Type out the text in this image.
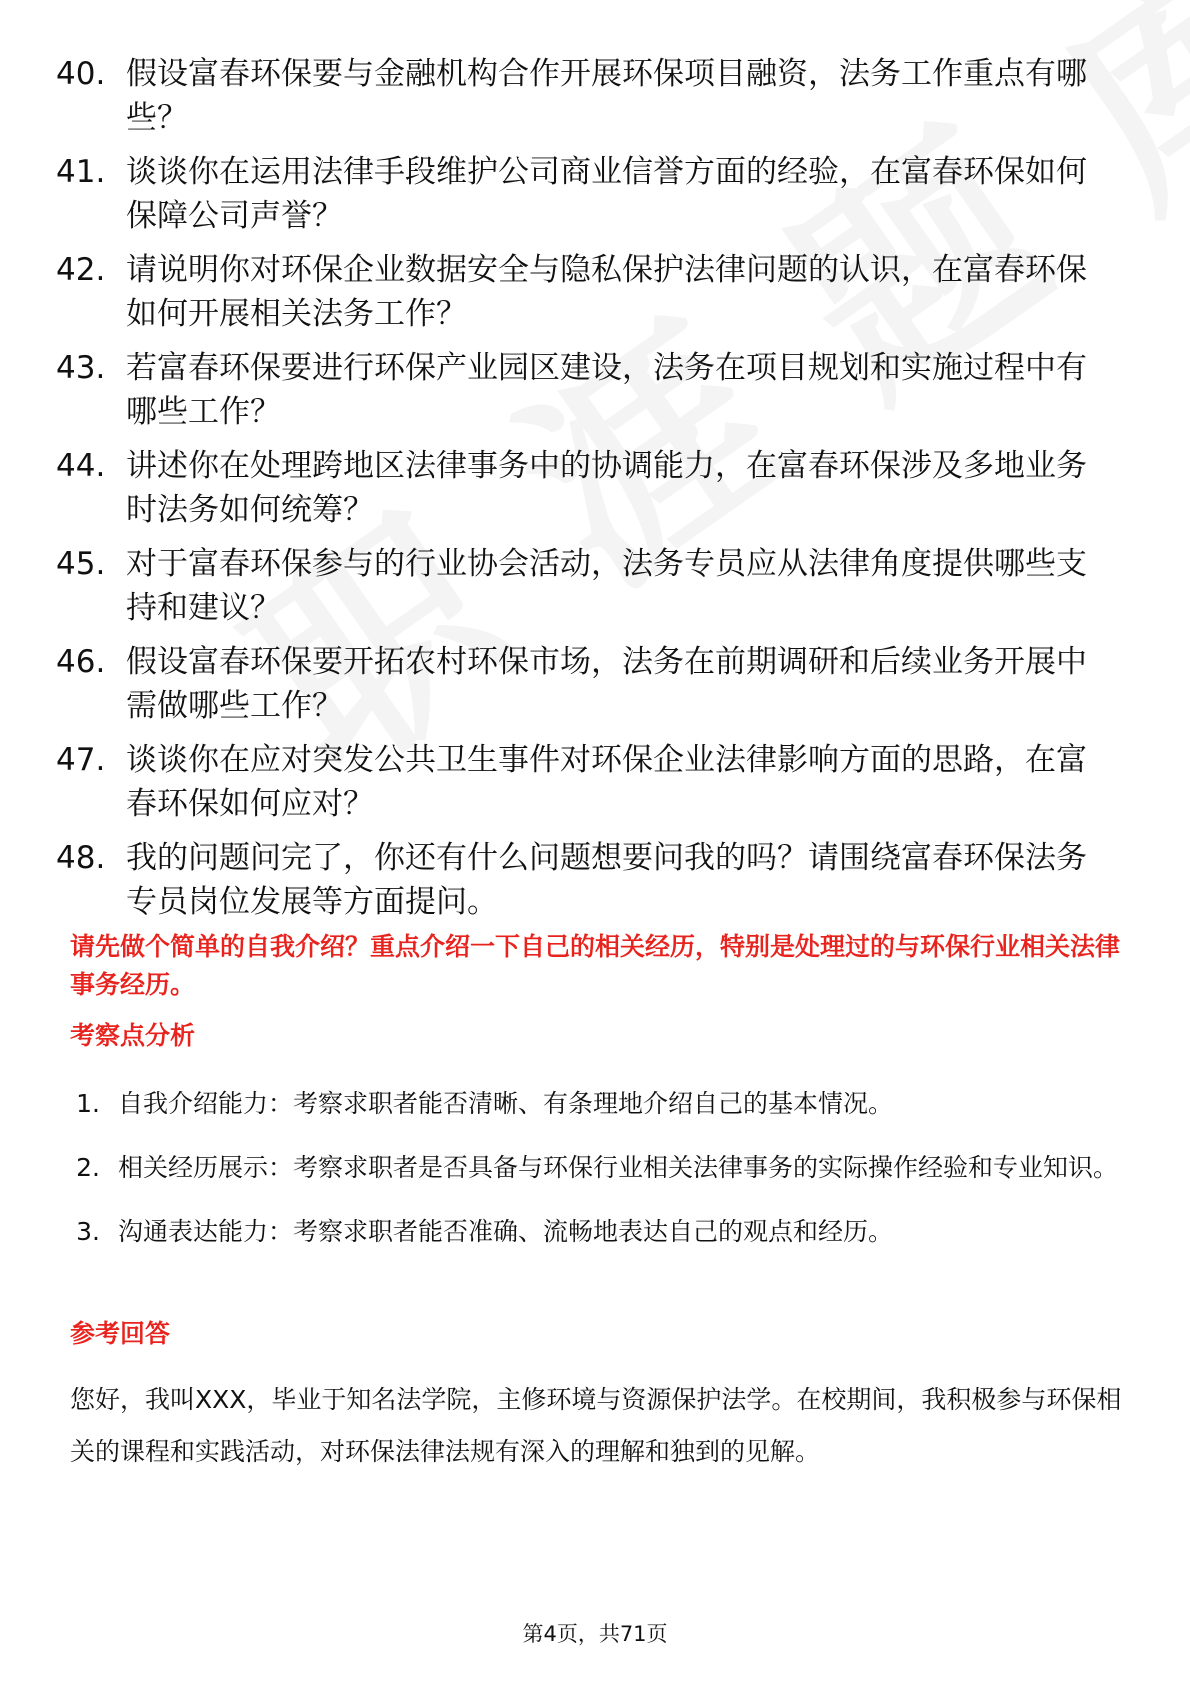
40. 假设富春环保要与金融机构合作开展环保项目融资，法务工作重点有哪些？
41. 谈谈你在运用法律手段维护公司商业信誉方面的经验，在富春环保如何保障公司声誉？
42. 请说明你对环保企业数据安全与隐私保护法律问题的认识，在富春环保如何开展相关法务工作？
43. 若富春环保要进行环保产业园区建设，法务在项目规划和实施过程中有哪些工作？
44. 讲述你在处理跨地区法律事务中的协调能力，在富春环保涉及多地业务时法务如何统筹？
45. 对于富春环保参与的行业协会活动，法务专员应从法律角度提供哪些支持和建议？
46. 假设富春环保要开拓农村环保市场，法务在前期调研和后续业务开展中需做哪些工作？
47. 谈谈你在应对突发公共卫生事件对环保企业法律影响方面的思路，在富春环保如何应对？
48. 我的问题问完了，你还有什么问题想要问我的吗？请围绕富春环保法务专员岗位发展等方面提问。
请先做个简单的自我介绍？重点介绍一下自己的相关经历，特别是处理过的与环保行业相关法律事务经历。
考察点分析
1. 自我介绍能力：考察求职者能否清晰、有条理地介绍自己的基本情况。
2. 相关经历展示：考察求职者是否具备与环保行业相关法律事务的实际操作经验和专业知识。
3. 沟通表达能力：考察求职者能否准确、流畅地表达自己的观点和经历。
参考回答
您好，我叫XXX，毕业于知名法学院，主修环境与资源保护法学。在校期间，我积极参与环保相关的课程和实践活动，对环保法律法规有深入的理解和独到的见解。
第4页，共71页
